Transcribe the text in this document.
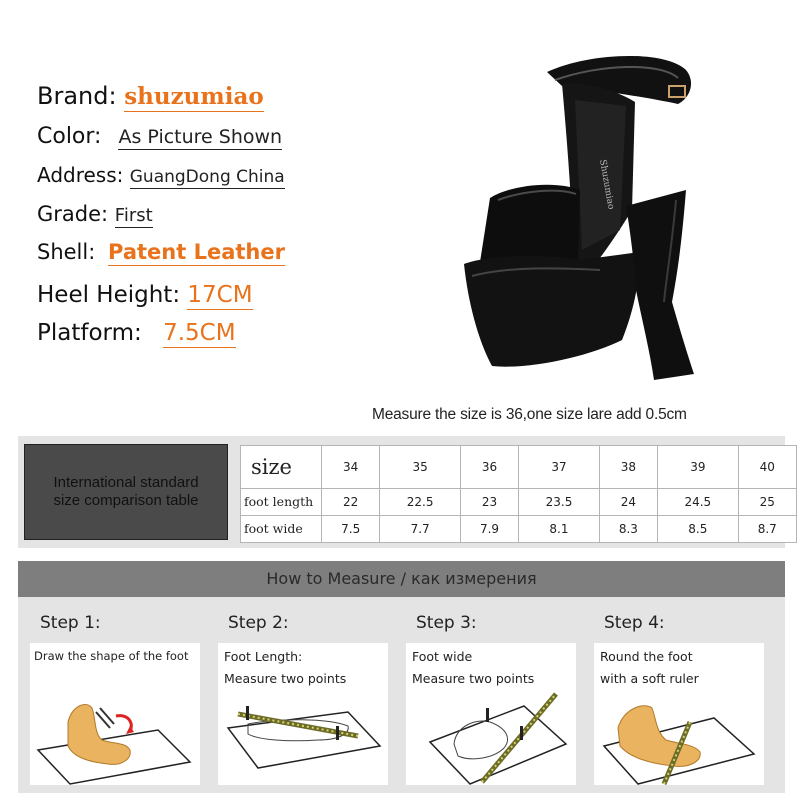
Brand: shuzumiao
Color: As Picture Shown
Address: GuangDong China
Grade: First
Shell: Patent Leather
Heel Height: 17CM
Platform: 7.5CM
Shuzumiao
Measure the size is 36,one size lare add 0.5cm
International standard
size comparison table
size	34	35	36	37	38	39	40
foot length	22	22.5	23	23.5	24	24.5	25
foot wide	7.5	7.7	7.9	8.1	8.3	8.5	8.7
How to Measure / как измерения
Step 1:
Draw the shape of the foot
Step 2:
Foot Length:
Measure two points
Step 3:
Foot wide
Measure two points
Step 4:
Round the foot
with a soft ruler
